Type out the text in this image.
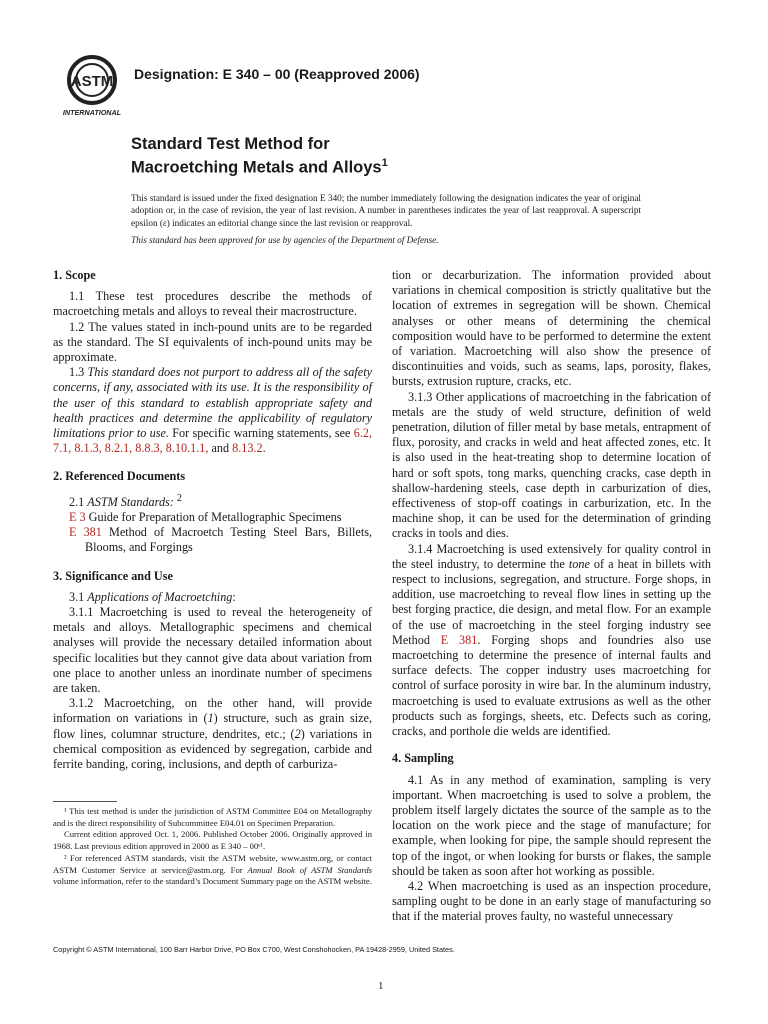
ASTM
INTERNATIONAL
Designation: E 340 – 00 (Reapproved 2006)
Standard Test Method for
Macroetching Metals and Alloys$^1$
This standard is issued under the fixed designation E 340; the number immediately following the designation indicates the year of original adoption or, in the case of revision, the year of last revision. A number in parentheses indicates the year of last reapproval. A superscript epsilon (ε) indicates an editorial change since the last revision or reapproval.
This standard has been approved for use by agencies of the Department of Defense.

1. Scope

1.1 These test procedures describe the methods of macroetching metals and alloys to reveal their macrostructure.

1.2 The values stated in inch-pound units are to be regarded as the standard. The SI equivalents of inch-pound units may be approximate.

1.3 This standard does not purport to address all of the safety concerns, if any, associated with its use. It is the responsibility of the user of this standard to establish appropriate safety and health practices and determine the applicability of regulatory limitations prior to use. For specific warning statements, see 6.2, 7.1, 8.1.3, 8.2.1, 8.8.3, 8.10.1.1, and 8.13.2.

2. Referenced Documents

2.1 ASTM Standards: $^2$

E 3 Guide for Preparation of Metallographic Specimens

E 381 Method of Macroetch Testing Steel Bars, Billets, Blooms, and Forgings

3. Significance and Use

3.1 Applications of Macroetching:

3.1.1 Macroetching is used to reveal the heterogeneity of metals and alloys. Metallographic specimens and chemical analyses will provide the necessary detailed information about specific localities but they cannot give data about variation from one place to another unless an inordinate number of specimens are taken.

3.1.2 Macroetching, on the other hand, will provide information on variations in (1) structure, such as grain size, flow lines, columnar structure, dendrites, etc.; (2) variations in chemical composition as evidenced by segregation, carbide and ferrite banding, coring, inclusions, and depth of carburiza-

¹ This test method is under the jurisdiction of ASTM Committee E04 on Metallography and is the direct responsibility of Subcommittee E04.01 on Specimen Preparation.

Current edition approved Oct. 1, 2006. Published October 2006. Originally approved in 1968. Last previous edition approved in 2000 as E 340 – 00ᵉ¹.

² For referenced ASTM standards, visit the ASTM website, www.astm.org, or contact ASTM Customer Service at service@astm.org. For Annual Book of ASTM Standards volume information, refer to the standard’s Document Summary page on the ASTM website.

tion or decarburization. The information provided about variations in chemical composition is strictly qualitative but the location of extremes in segregation will be shown. Chemical analyses or other means of determining the chemical composition would have to be performed to determine the extent of variation. Macroetching will also show the presence of discontinuities and voids, such as seams, laps, porosity, flakes, bursts, extrusion rupture, cracks, etc.

3.1.3 Other applications of macroetching in the fabrication of metals are the study of weld structure, definition of weld penetration, dilution of filler metal by base metals, entrapment of flux, porosity, and cracks in weld and heat affected zones, etc. It is also used in the heat-treating shop to determine location of hard or soft spots, tong marks, quenching cracks, case depth in shallow-hardening steels, case depth in carburization of dies, effectiveness of stop-off coatings in carburization, etc. In the machine shop, it can be used for the determination of grinding cracks in tools and dies.

3.1.4 Macroetching is used extensively for quality control in the steel industry, to determine the tone of a heat in billets with respect to inclusions, segregation, and structure. Forge shops, in addition, use macroetching to reveal flow lines in setting up the best forging practice, die design, and metal flow. For an example of the use of macroetching in the steel forging industry see Method E 381. Forging shops and foundries also use macroetching to determine the presence of internal faults and surface defects. The copper industry uses macroetching for control of surface porosity in wire bar. In the aluminum industry, macroetching is used to evaluate extrusions as well as the other products such as forgings, sheets, etc. Defects such as coring, cracks, and porthole die welds are identified.

4. Sampling

4.1 As in any method of examination, sampling is very important. When macroetching is used to solve a problem, the problem itself largely dictates the source of the sample as to the location on the work piece and the stage of manufacture; for example, when looking for pipe, the sample should represent the top of the ingot, or when looking for bursts or flakes, the sample should be taken as soon after hot working as possible.

4.2 When macroetching is used as an inspection procedure, sampling ought to be done in an early stage of manufacturing so that if the material proves faulty, no wasteful unnecessary

Copyright © ASTM International, 100 Barr Harbor Drive, PO Box C700, West Conshohocken, PA 19428-2959, United States.
1
